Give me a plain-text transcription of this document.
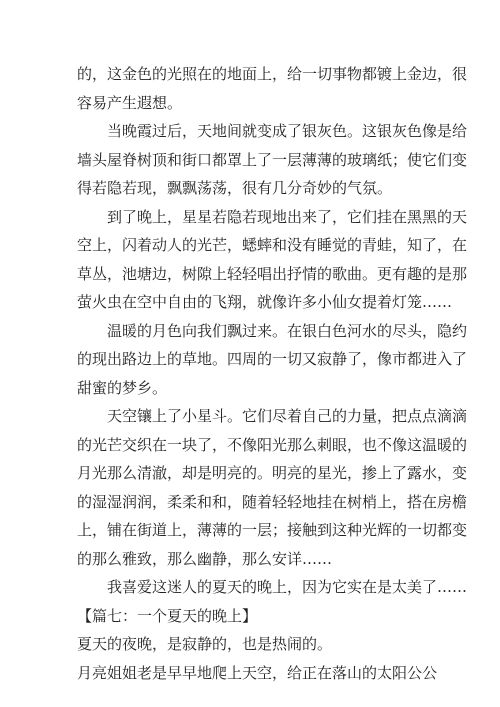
的，这金色的光照在的地面上，给一切事物都镀上金边，很
容易产生遐想。
当晚霞过后，天地间就变成了银灰色。这银灰色像是给
墙头屋脊树顶和街口都罩上了一层薄薄的玻璃纸；使它们变
得若隐若现，飘飘荡荡，很有几分奇妙的气氛。
到了晚上，星星若隐若现地出来了，它们挂在黑黑的天
空上，闪着动人的光芒，蟋蟀和没有睡觉的青蛙，知了，在
草丛，池塘边，树隙上轻轻唱出抒情的歌曲。更有趣的是那
萤火虫在空中自由的飞翔，就像许多小仙女提着灯笼……
温暖的月色向我们飘过来。在银白色河水的尽头，隐约
的现出路边上的草地。四周的一切又寂静了，像市都进入了
甜蜜的梦乡。
天空镶上了小星斗。它们尽着自己的力量，把点点滴滴
的光芒交织在一块了，不像阳光那么刺眼，也不像这温暖的
月光那么清澈，却是明亮的。明亮的星光，掺上了露水，变
的湿湿润润，柔柔和和，随着轻轻地挂在树梢上，搭在房檐
上，铺在街道上，薄薄的一层；接触到这种光辉的一切都变
的那么雅致，那么幽静，那么安详……
我喜爱这迷人的夏天的晚上，因为它实在是太美了……
【篇七：一个夏天的晚上】
夏天的夜晚，是寂静的，也是热闹的。
月亮姐姐老是早早地爬上天空，给正在落山的太阳公公
